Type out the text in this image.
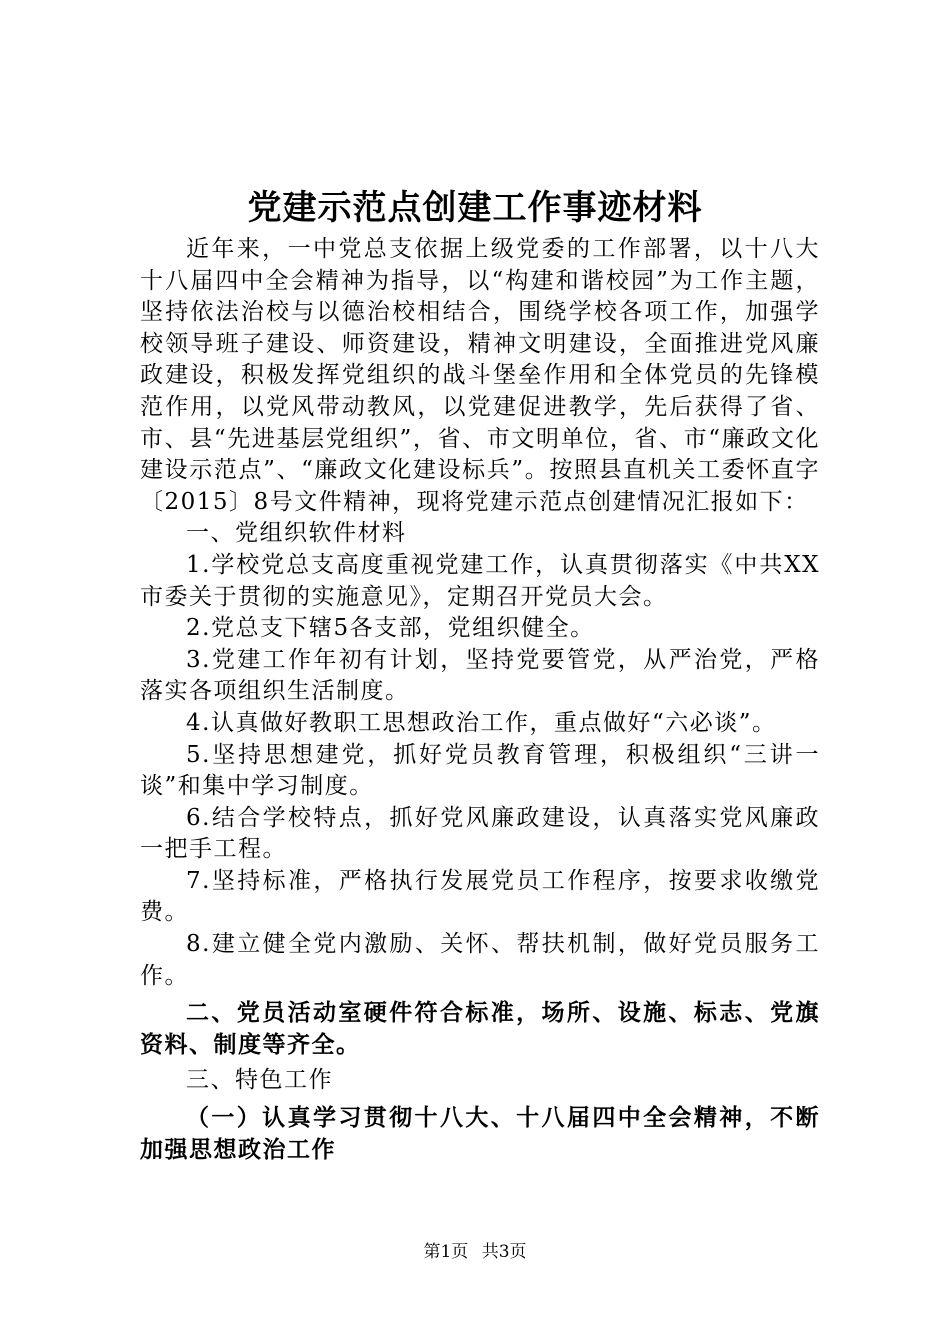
党建示范点创建工作事迹材料

近年来，一中党总支依据上级党委的工作部署，以十八大十八届四中全会精神为指导，以“构建和谐校园”为工作主题，坚持依法治校与以德治校相结合，围绕学校各项工作，加强学校领导班子建设、师资建设，精神文明建设，全面推进党风廉政建设，积极发挥党组织的战斗堡垒作用和全体党员的先锋模范作用，以党风带动教风，以党建促进教学，先后获得了省、市、县“先进基层党组织”，省、市文明单位，省、市“廉政文化建设示范点”、“廉政文化建设标兵”。按照县直机关工委怀直字〔2015〕8号文件精神，现将党建示范点创建情况汇报如下：

一、党组织软件材料

1.学校党总支高度重视党建工作，认真贯彻落实《中共XX市委关于贯彻的实施意见》，定期召开党员大会。

2.党总支下辖5各支部，党组织健全。

3.党建工作年初有计划，坚持党要管党，从严治党，严格落实各项组织生活制度。

4.认真做好教职工思想政治工作，重点做好“六必谈”。

5.坚持思想建党，抓好党员教育管理，积极组织“三讲一谈”和集中学习制度。

6.结合学校特点，抓好党风廉政建设，认真落实党风廉政一把手工程。

7.坚持标准，严格执行发展党员工作程序，按要求收缴党费。

8.建立健全党内激励、关怀、帮扶机制，做好党员服务工作。

二、党员活动室硬件符合标准，场所、设施、标志、党旗资料、制度等齐全。

三、特色工作

（一）认真学习贯彻十八大、十八届四中全会精神，不断加强思想政治工作

第1页 共3页
